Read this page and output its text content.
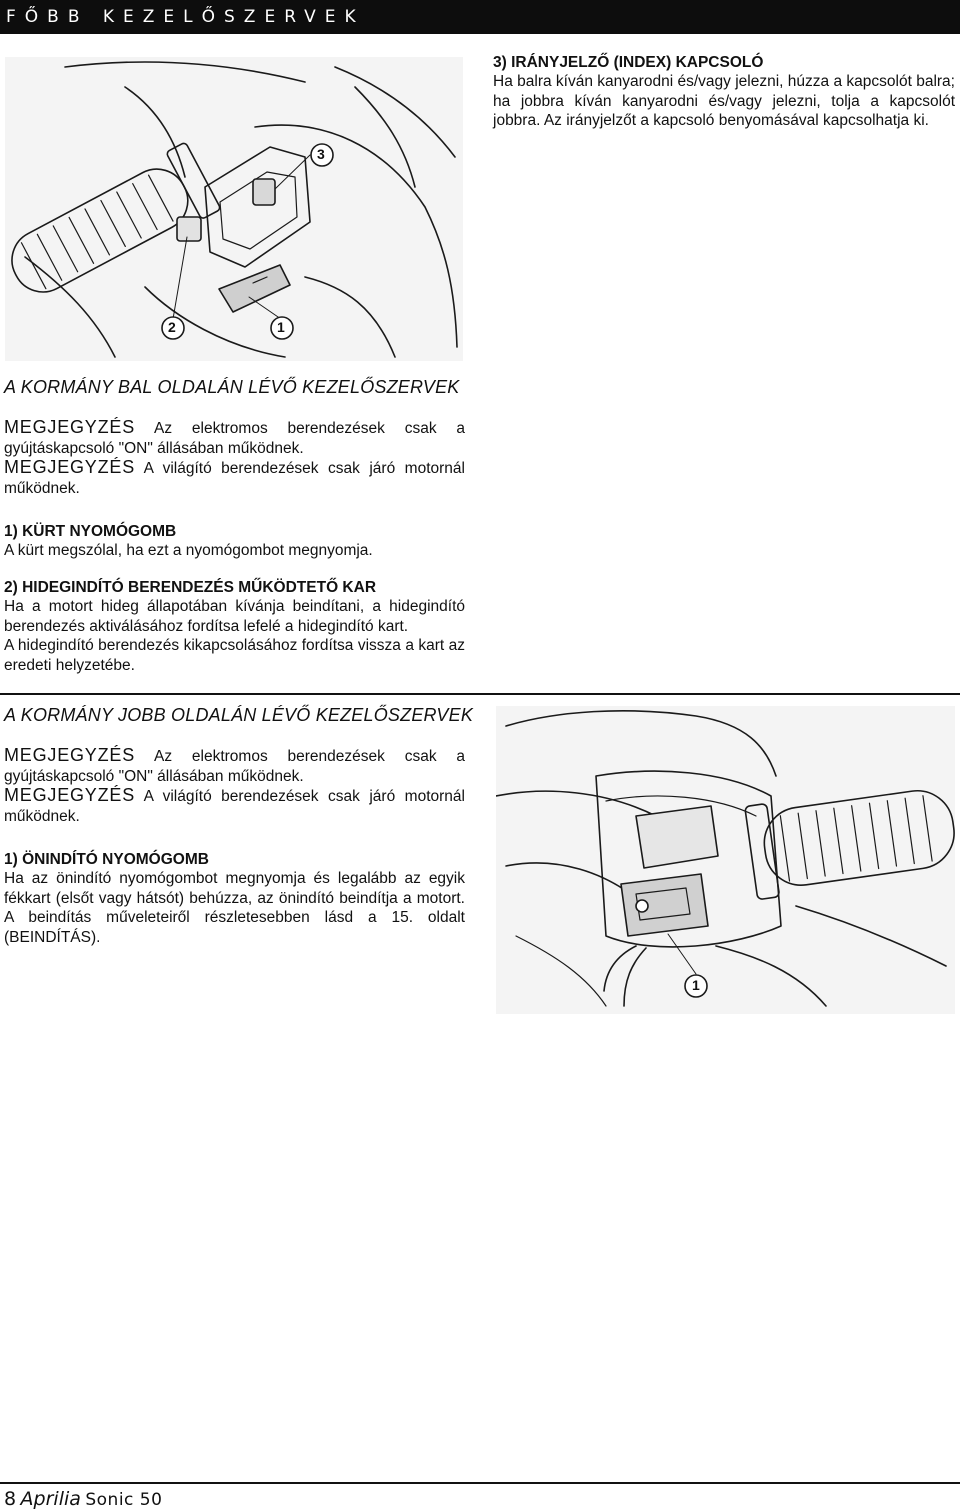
FŐBB KEZELŐSZERVEK
3
1
2

3) IRÁNYJELZŐ (INDEX) KAPCSOLÓ

Ha balra kíván kanyarodni és/vagy jelezni, húzza a kapcsolót balra; ha jobbra kíván kanyarodni és/vagy jelezni, tolja a kapcsolót jobbra. Az irányjelzőt a kapcsoló benyomásával kapcsolhatja ki.

A KORMÁNY BAL OLDALÁN LÉVŐ KEZELŐSZERVEK

MEGJEGYZÉS Az elektromos berendezések csak a

gyújtáskapcsoló "ON" állásában működnek.

MEGJEGYZÉS A világító berendezések csak járó motornál

működnek.

1) KÜRT NYOMÓGOMB

A kürt megszólal, ha ezt a nyomógombot megnyomja.

2) HIDEGINDÍTÓ BERENDEZÉS MŰKÖDTETŐ KAR

Ha a motort hideg állapotában kívánja beindítani, a hidegindító berendezés aktiválásához fordítsa lefelé a hidegindító kart.

A hidegindító berendezés kikapcsolásához fordítsa vissza a kart az eredeti helyzetébe.

A KORMÁNY JOBB OLDALÁN LÉVŐ KEZELŐSZERVEK

MEGJEGYZÉS Az elektromos berendezések csak a

gyújtáskapcsoló "ON" állásában működnek.

MEGJEGYZÉS A világító berendezések csak járó motornál

működnek.

1) ÖNINDÍTÓ NYOMÓGOMB

Ha az önindító nyomógombot megnyomja és legalább az egyik fékkart (elsőt vagy hátsót) behúzza, az önindító beindítja a motort. A beindítás műveleteiről részletesebben lásd a 15. oldalt (BEINDÍTÁS).

1
8 Aprilia Sonic 50
